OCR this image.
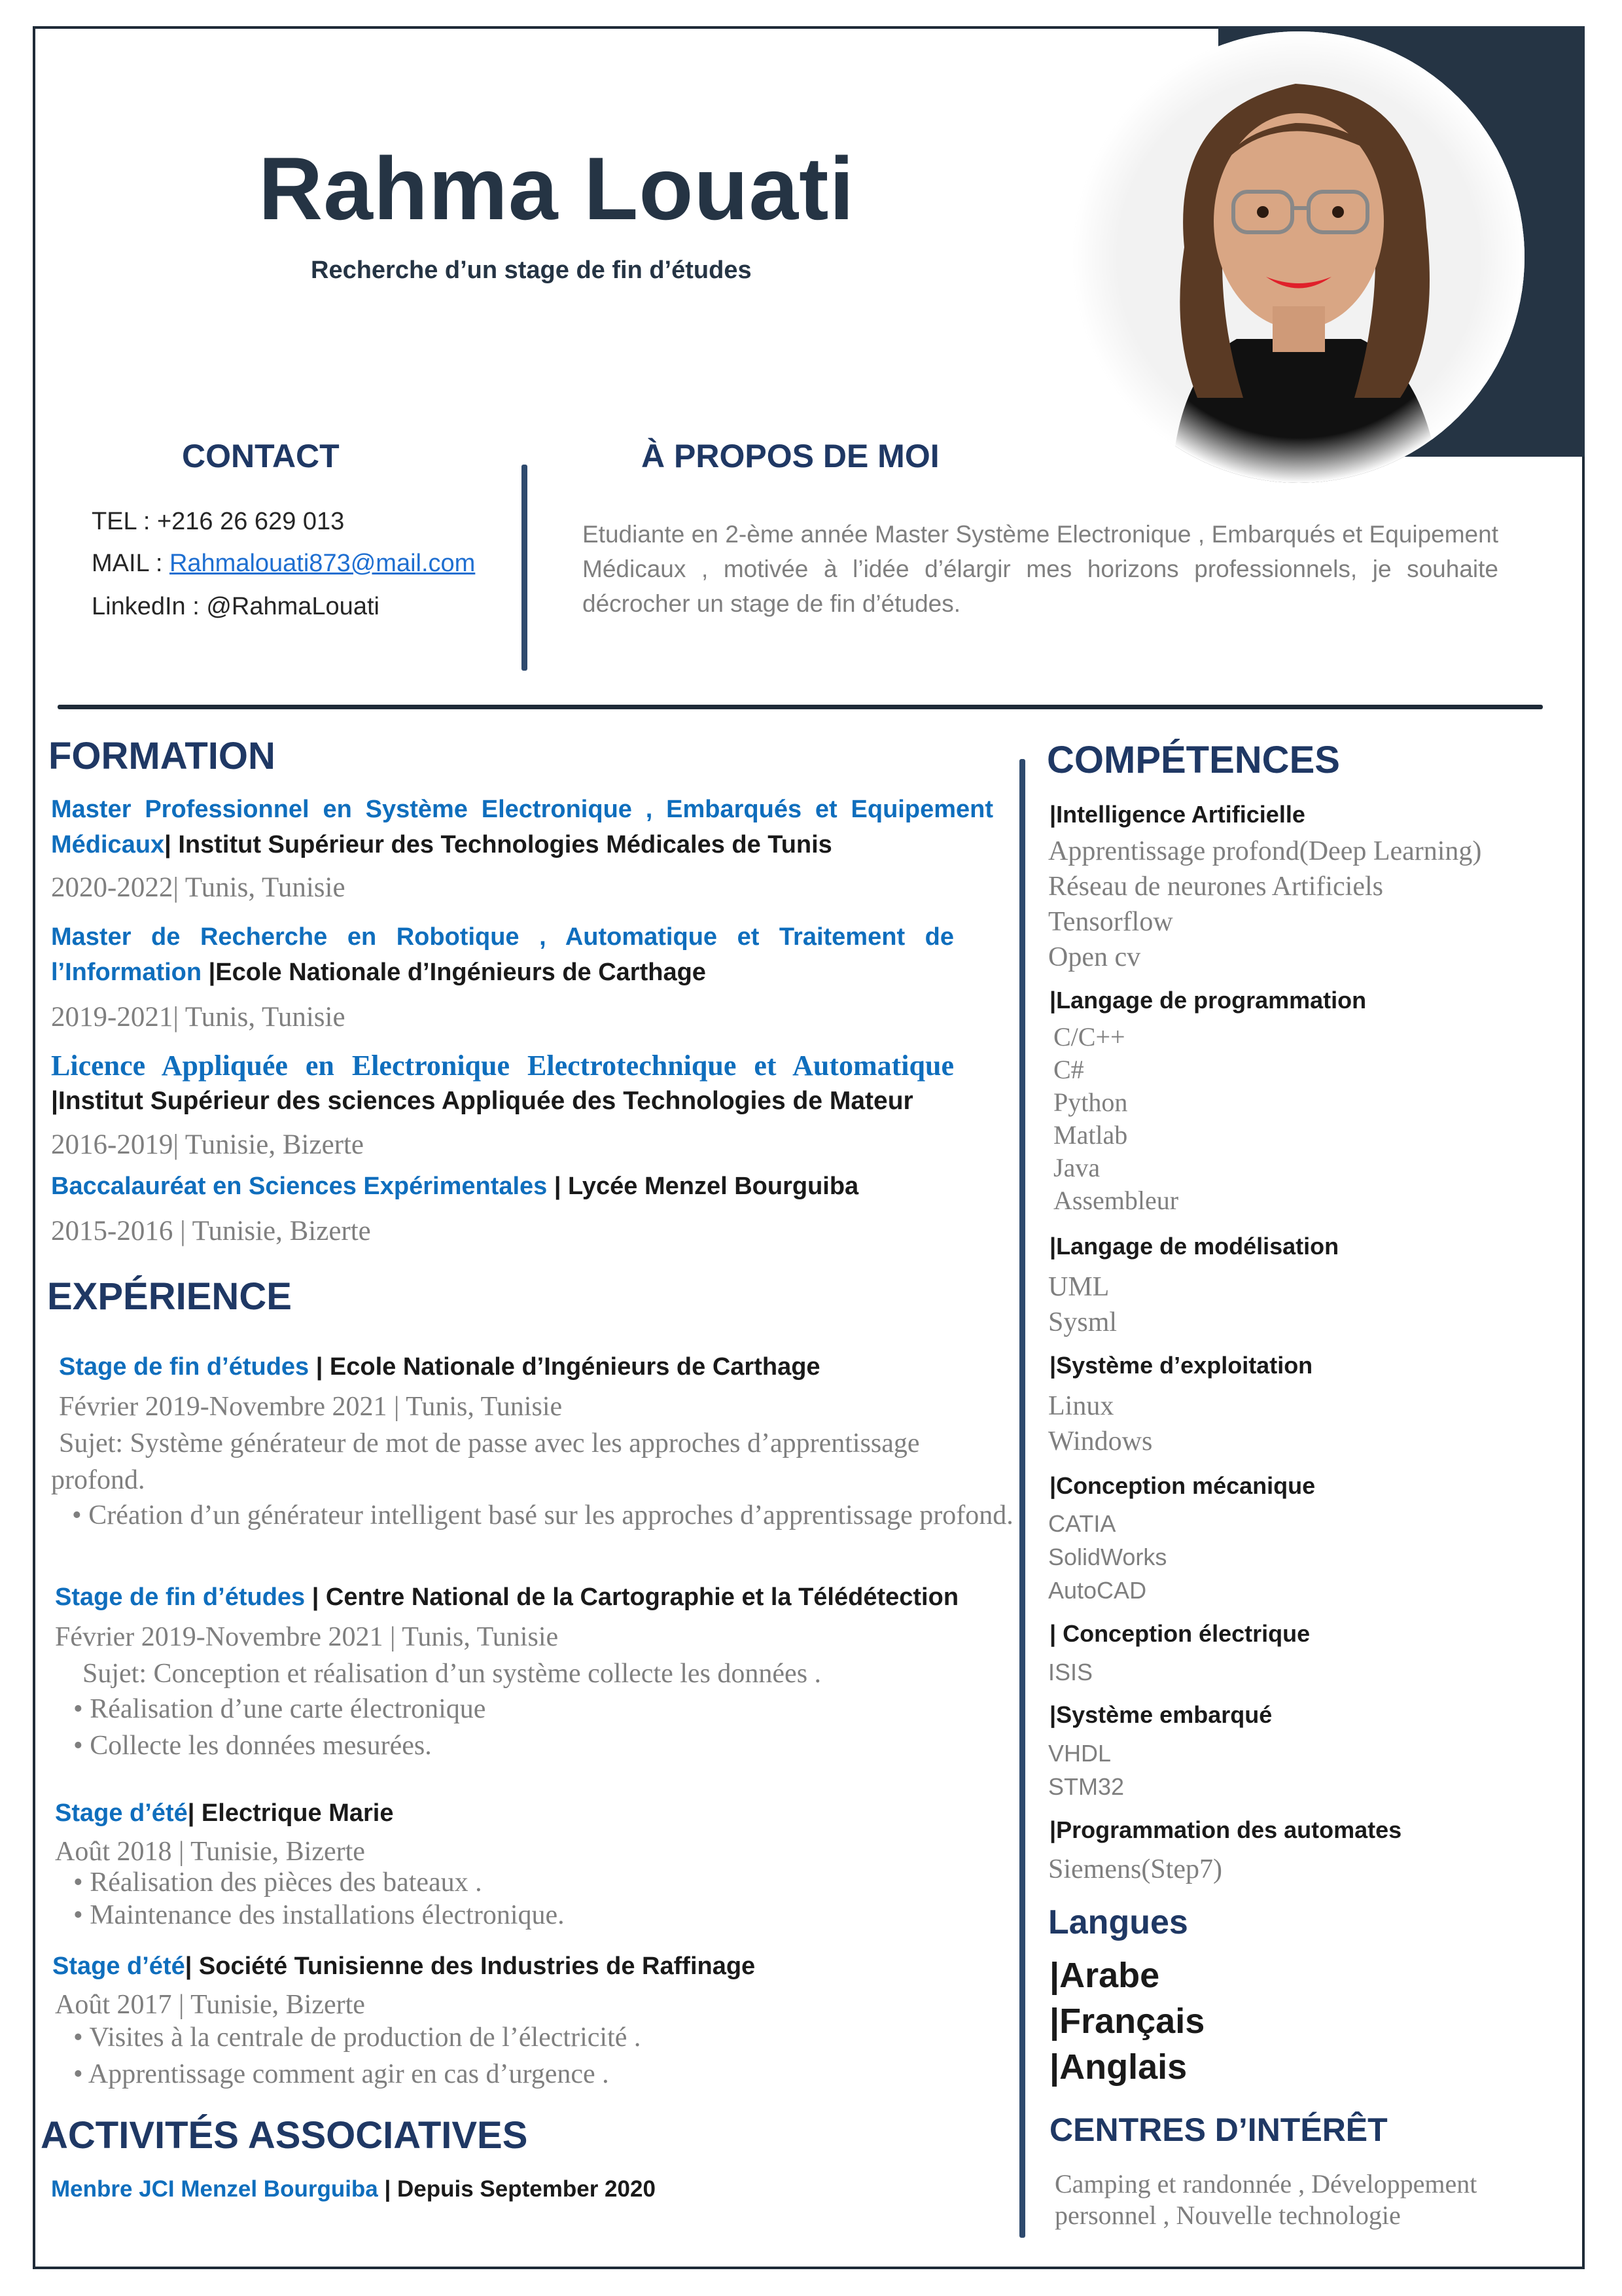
Rahma Louati
Recherche d’un stage de fin d’études
CONTACT
TEL : +216 26 629 013
MAIL : Rahmalouati873@mail.com
LinkedIn : @RahmaLouati
À PROPOS DE MOI
Etudiante en 2-ème année Master Système Electronique , Embarqués et Equipement Médicaux , motivée à l’idée d’élargir mes horizons professionnels, je souhaite décrocher un stage de fin d’études.
FORMATION
Master Professionnel en Système Electronique , Embarqués et Equipement Médicaux| Institut Supérieur des Technologies Médicales de Tunis
2020-2022| Tunis, Tunisie
Master de Recherche en Robotique , Automatique et Traitement de l’Information |Ecole Nationale d’Ingénieurs de Carthage
2019-2021| Tunis, Tunisie
Licence Appliquée en Electronique Electrotechnique et Automatique
|Institut Supérieur des sciences Appliquée des Technologies de Mateur
2016-2019| Tunisie, Bizerte
Baccalauréat en Sciences Expérimentales | Lycée Menzel Bourguiba
2015-2016 | Tunisie, Bizerte
EXPÉRIENCE
Stage de fin d’études | Ecole Nationale d’Ingénieurs de Carthage
Février 2019-Novembre 2021 | Tunis, Tunisie
Sujet: Système générateur de mot de passe avec les approches d’apprentissage profond.
• Création d’un générateur intelligent basé sur les approches d’apprentissage profond.
Stage de fin d’études | Centre National de la Cartographie et la Télédétection
Février 2019-Novembre 2021 | Tunis, Tunisie
Sujet: Conception et réalisation d’un système collecte les données .
• Réalisation d’une carte électronique
• Collecte les données mesurées.
Stage d’été| Electrique Marie
Août 2018 | Tunisie, Bizerte
• Réalisation des pièces des bateaux .
• Maintenance des installations électronique.
Stage d’été| Société Tunisienne des Industries de Raffinage
Août 2017 | Tunisie, Bizerte
• Visites à la centrale de production de l’électricité .
• Apprentissage comment agir en cas d’urgence .
ACTIVITÉS ASSOCIATIVES
Menbre JCI Menzel Bourguiba | Depuis September 2020
COMPÉTENCES
|Intelligence Artificielle
Apprentissage profond(Deep Learning)
Réseau de neurones Artificiels
Tensorflow
Open cv
|Langage de programmation
C/C++
C#
Python
Matlab
Java
Assembleur
|Langage de modélisation
UML
Sysml
|Système d’exploitation
Linux
Windows
|Conception mécanique
CATIA
SolidWorks
AutoCAD
| Conception électrique
ISIS
|Système embarqué
VHDL
STM32
|Programmation des automates
Siemens(Step7)
Langues
|Arabe
|Français
|Anglais
CENTRES D’INTÉRÊT
Camping et randonnée , Développement personnel , Nouvelle technologie
